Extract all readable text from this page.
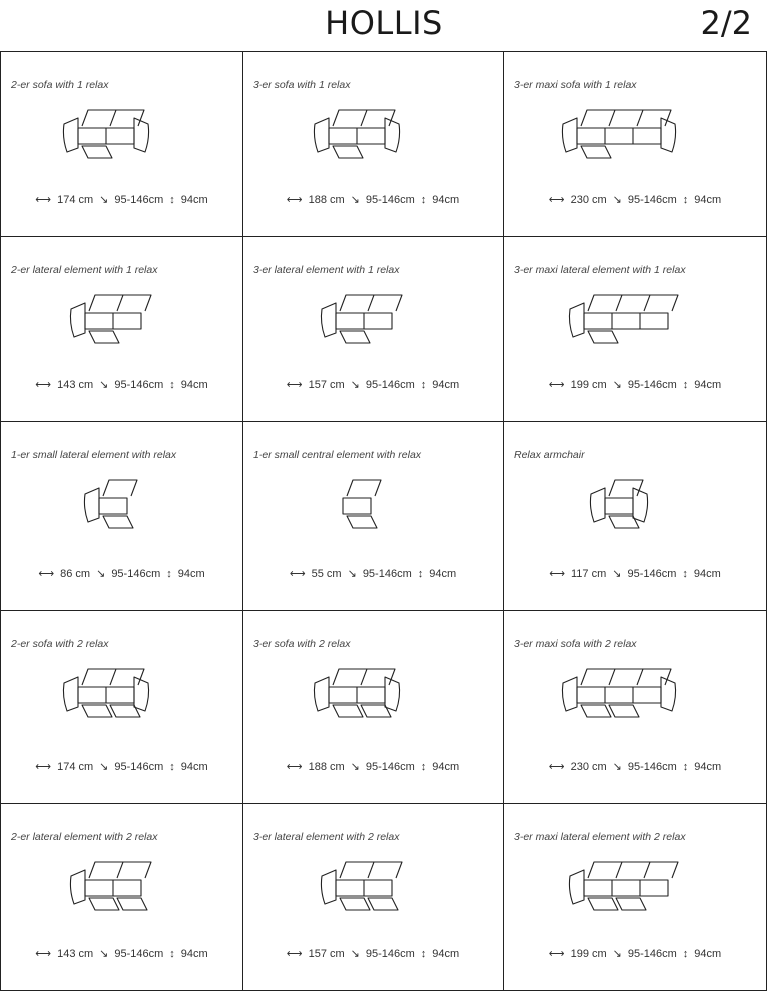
HOLLIS	2/2
2-er sofa with 1 relax
⟷ 174 cm ↘ 95-146cm ↕ 94cm
3-er sofa with 1 relax
⟷ 188 cm ↘ 95-146cm ↕ 94cm
3-er maxi sofa with 1 relax
⟷ 230 cm ↘ 95-146cm ↕ 94cm
2-er lateral element with 1 relax
⟷ 143 cm ↘ 95-146cm ↕ 94cm
3-er lateral element with 1 relax
⟷ 157 cm ↘ 95-146cm ↕ 94cm
3-er maxi lateral element with 1 relax
⟷ 199 cm ↘ 95-146cm ↕ 94cm
1-er small lateral element with relax
⟷ 86 cm ↘ 95-146cm ↕ 94cm
1-er small central element with relax
⟷ 55 cm ↘ 95-146cm ↕ 94cm
Relax armchair
⟷ 117 cm ↘ 95-146cm ↕ 94cm
2-er sofa with 2 relax
⟷ 174 cm ↘ 95-146cm ↕ 94cm
3-er sofa with 2 relax
⟷ 188 cm ↘ 95-146cm ↕ 94cm
3-er maxi sofa with 2 relax
⟷ 230 cm ↘ 95-146cm ↕ 94cm
2-er lateral element with 2 relax
⟷ 143 cm ↘ 95-146cm ↕ 94cm
3-er lateral element with 2 relax
⟷ 157 cm ↘ 95-146cm ↕ 94cm
3-er maxi lateral element with 2 relax
⟷ 199 cm ↘ 95-146cm ↕ 94cm
